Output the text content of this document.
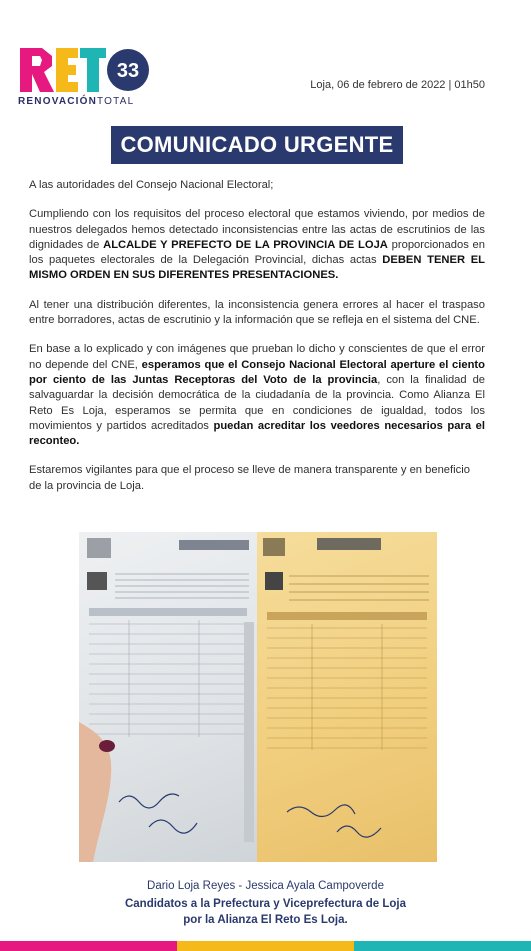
33
RENOVACIÓNTOTAL
Loja, 06 de febrero de 2022 | 01h50
COMUNICADO URGENTE

A las autoridades del Consejo Nacional Electoral;

Cumpliendo con los requisitos del proceso electoral que estamos viviendo, por medios de nuestros delegados hemos detectado inconsistencias entre las actas de escrutinios de las dignidades de ALCALDE Y PREFECTO DE LA PROVINCIA DE LOJA proporcionados en los paquetes electorales de la Delegación Provincial, dichas actas DEBEN TENER EL MISMO ORDEN EN SUS DIFERENTES PRESENTACIONES.

Al tener una distribución diferentes, la inconsistencia genera errores al hacer el traspaso entre borradores, actas de escrutinio y la información que se refleja en el sistema del CNE.

En base a lo explicado y con imágenes que prueban lo dicho y conscientes de que el error no depende del CNE, esperamos que el Consejo Nacional Electoral aperture el ciento por ciento de las Juntas Receptoras del Voto de la provincia, con la finalidad de salvaguardar la decisión democrática de la ciudadanía de la provincia. Como Alianza El Reto Es Loja, esperamos se permita que en condiciones de igualdad, todos los movimientos y partidos acreditados puedan acreditar los veedores necesarios para el reconteo.

Estaremos vigilantes para que el proceso se lleve de manera transparente y en beneficio de la provincia de Loja.

Dario Loja Reyes - Jessica Ayala Campoverde
Candidatos a la Prefectura y Viceprefectura de Loja
por la Alianza El Reto Es Loja.
